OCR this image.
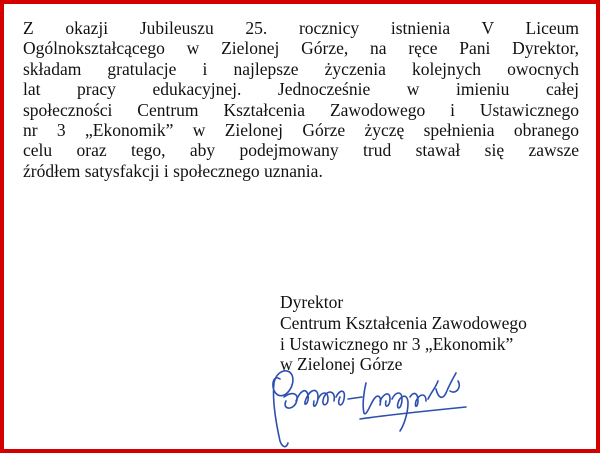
Z okazji Jubileuszu 25. rocznicy istnienia V Liceum
Ogólnokształcącego w Zielonej Górze, na ręce Pani Dyrektor,
składam gratulacje i najlepsze życzenia kolejnych owocnych
lat pracy edukacyjnej. Jednocześnie w imieniu całej
społeczności Centrum Kształcenia Zawodowego i Ustawicznego
nr 3 „Ekonomik” w Zielonej Górze życzę spełnienia obranego
celu oraz tego, aby podejmowany trud stawał się zawsze
źródłem satysfakcji i społecznego uznania.
Dyrektor
Centrum Kształcenia Zawodowego
i Ustawicznego nr 3 „Ekonomik”
w Zielonej Górze
